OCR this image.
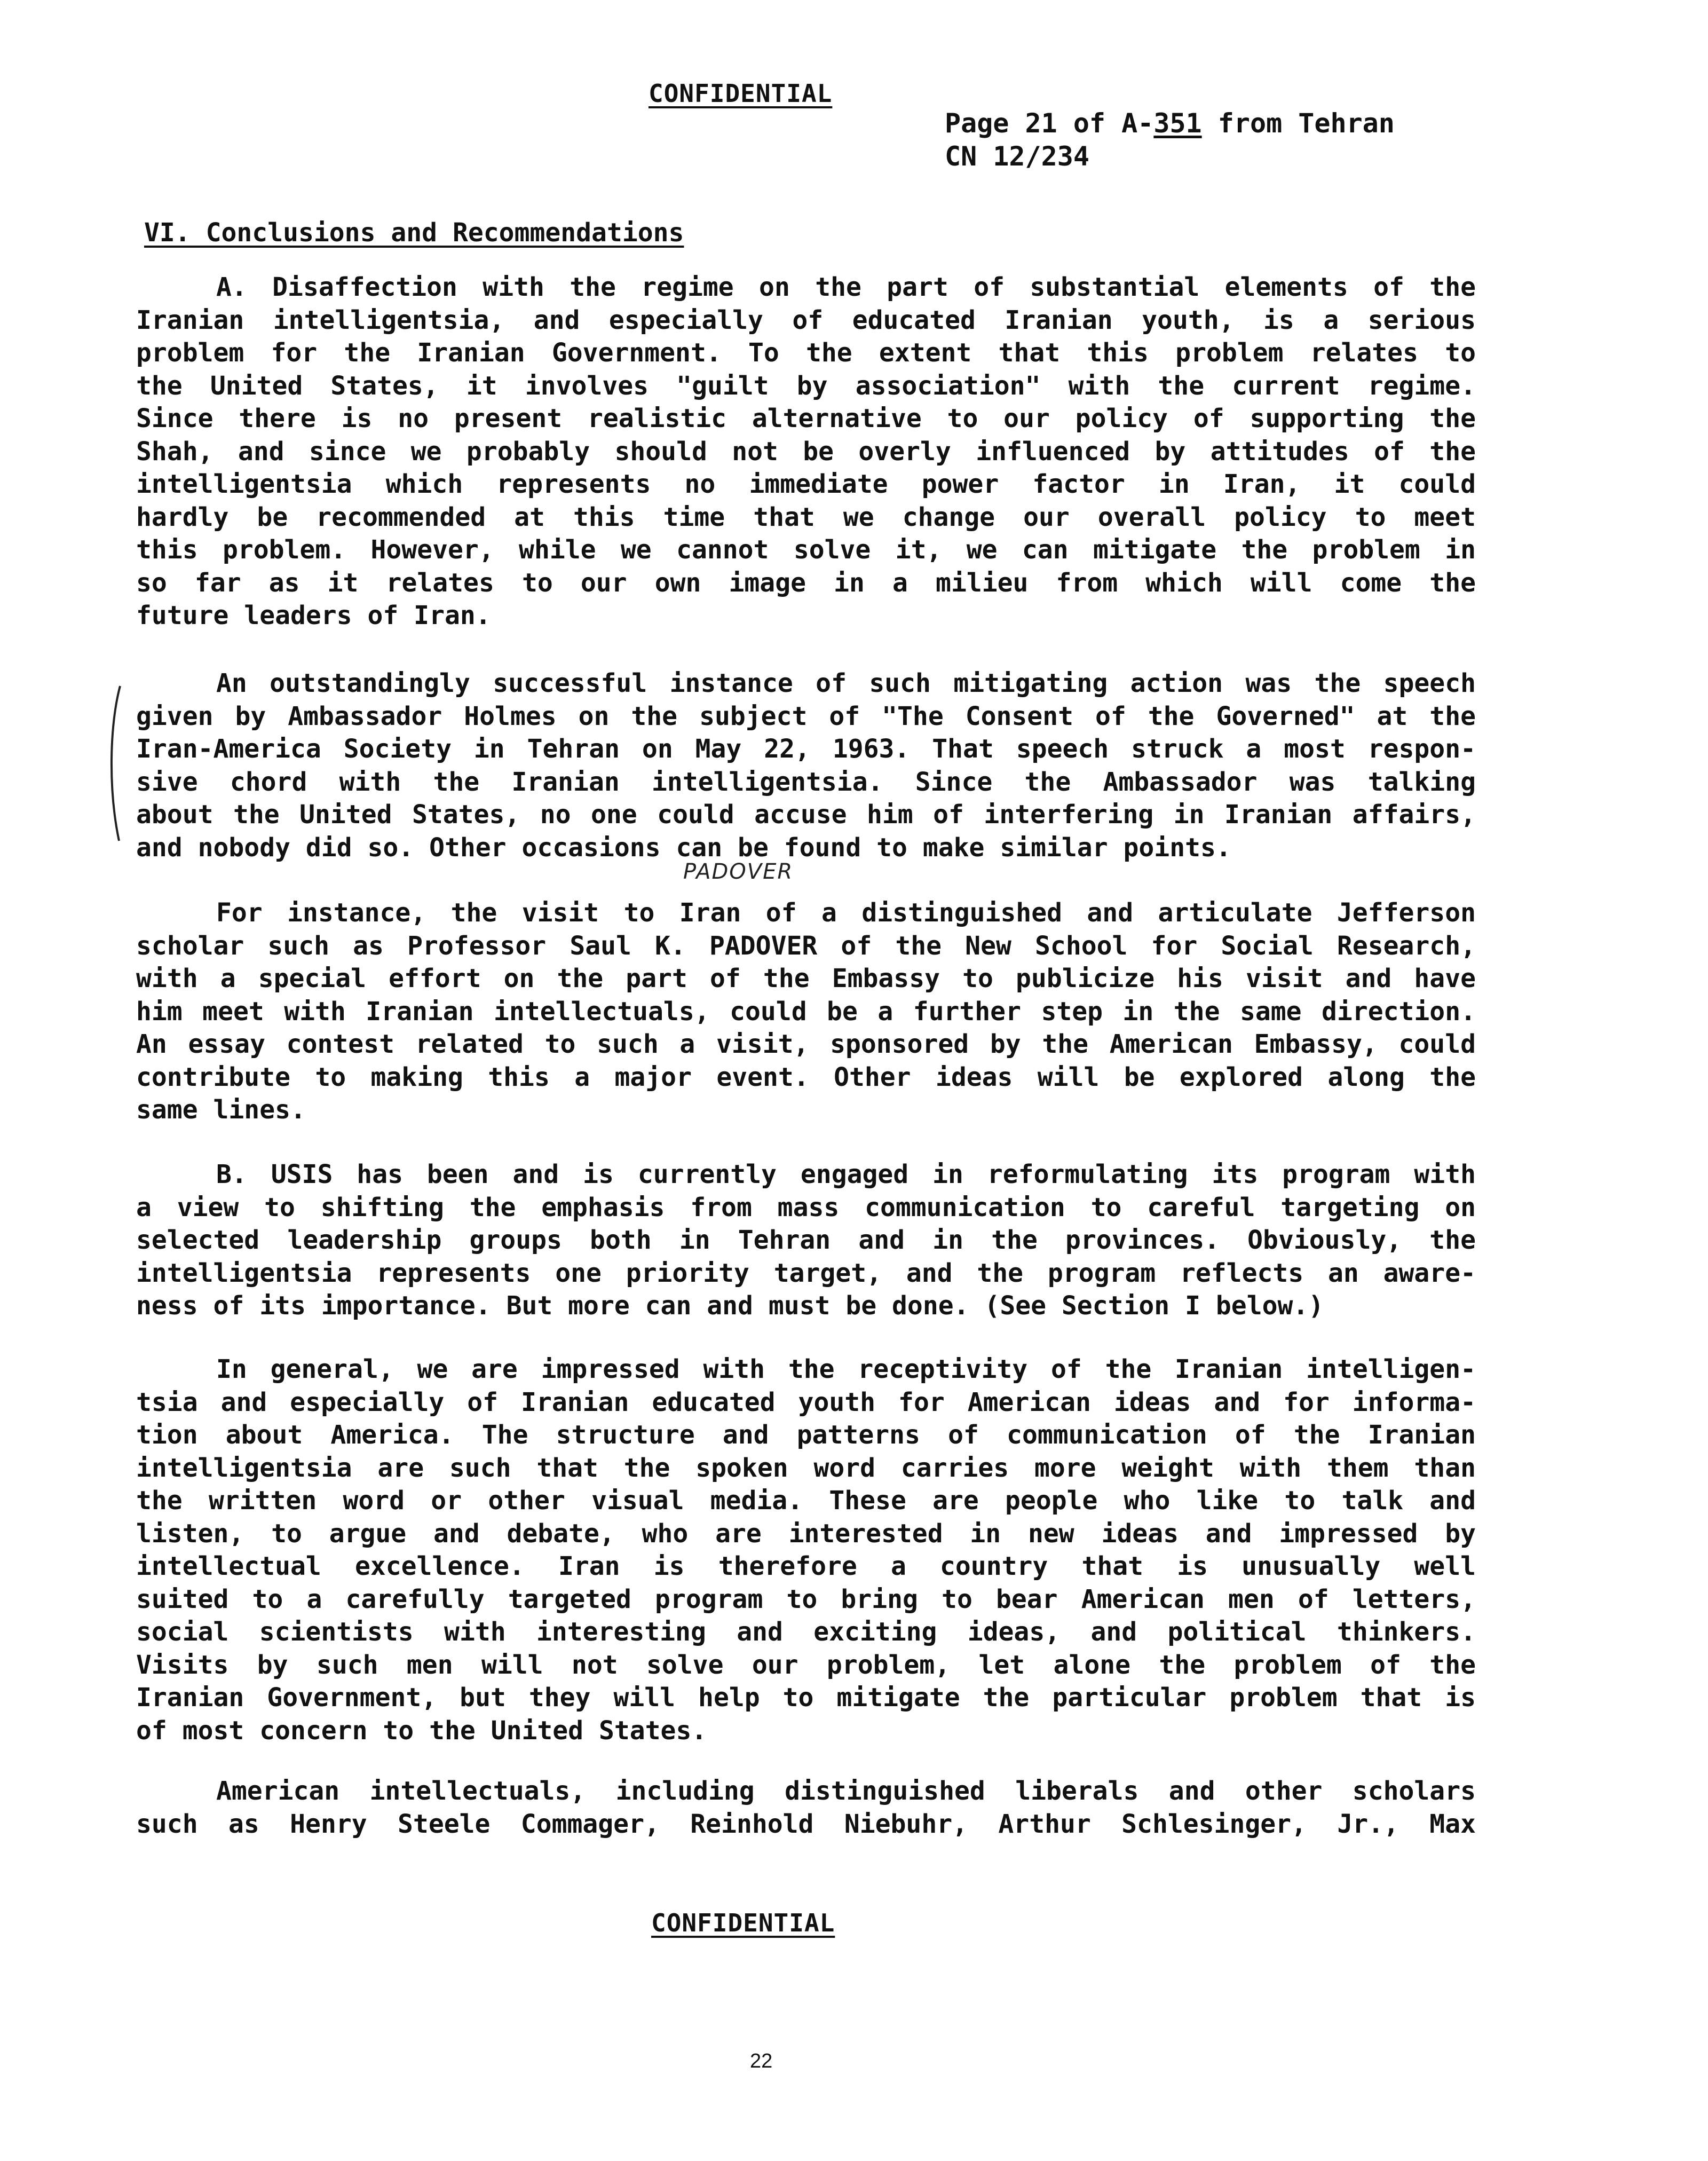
CONFIDENTIAL
Page 21 of A-351 from Tehran
CN 12/234
VI. Conclusions and Recommendations
A. Disaffection with the regime on the part of substantial elements of the
Iranian intelligentsia, and especially of educated Iranian youth, is a serious
problem for the Iranian Government. To the extent that this problem relates to
the United States, it involves "guilt by association" with the current regime.
Since there is no present realistic alternative to our policy of supporting the
Shah, and since we probably should not be overly influenced by attitudes of the
intelligentsia which represents no immediate power factor in Iran, it could
hardly be recommended at this time that we change our overall policy to meet
this problem. However, while we cannot solve it, we can mitigate the problem in
so far as it relates to our own image in a milieu from which will come the
future leaders of Iran.
An outstandingly successful instance of such mitigating action was the speech
given by Ambassador Holmes on the subject of "The Consent of the Governed" at the
Iran-America Society in Tehran on May 22, 1963. That speech struck a most respon-
sive chord with the Iranian intelligentsia. Since the Ambassador was talking
about the United States, no one could accuse him of interfering in Iranian affairs,
and nobody did so. Other occasions can be found to make similar points.
PADOVER
For instance, the visit to Iran of a distinguished and articulate Jefferson
scholar such as Professor Saul K. PADOVER of the New School for Social Research,
with a special effort on the part of the Embassy to publicize his visit and have
him meet with Iranian intellectuals, could be a further step in the same direction.
An essay contest related to such a visit, sponsored by the American Embassy, could
contribute to making this a major event. Other ideas will be explored along the
same lines.
B. USIS has been and is currently engaged in reformulating its program with
a view to shifting the emphasis from mass communication to careful targeting on
selected leadership groups both in Tehran and in the provinces. Obviously, the
intelligentsia represents one priority target, and the program reflects an aware-
ness of its importance. But more can and must be done. (See Section I below.)
In general, we are impressed with the receptivity of the Iranian intelligen-
tsia and especially of Iranian educated youth for American ideas and for informa-
tion about America. The structure and patterns of communication of the Iranian
intelligentsia are such that the spoken word carries more weight with them than
the written word or other visual media. These are people who like to talk and
listen, to argue and debate, who are interested in new ideas and impressed by
intellectual excellence. Iran is therefore a country that is unusually well
suited to a carefully targeted program to bring to bear American men of letters,
social scientists with interesting and exciting ideas, and political thinkers.
Visits by such men will not solve our problem, let alone the problem of the
Iranian Government, but they will help to mitigate the particular problem that is
of most concern to the United States.
American intellectuals, including distinguished liberals and other scholars
such as Henry Steele Commager, Reinhold Niebuhr, Arthur Schlesinger, Jr., Max
CONFIDENTIAL
22
